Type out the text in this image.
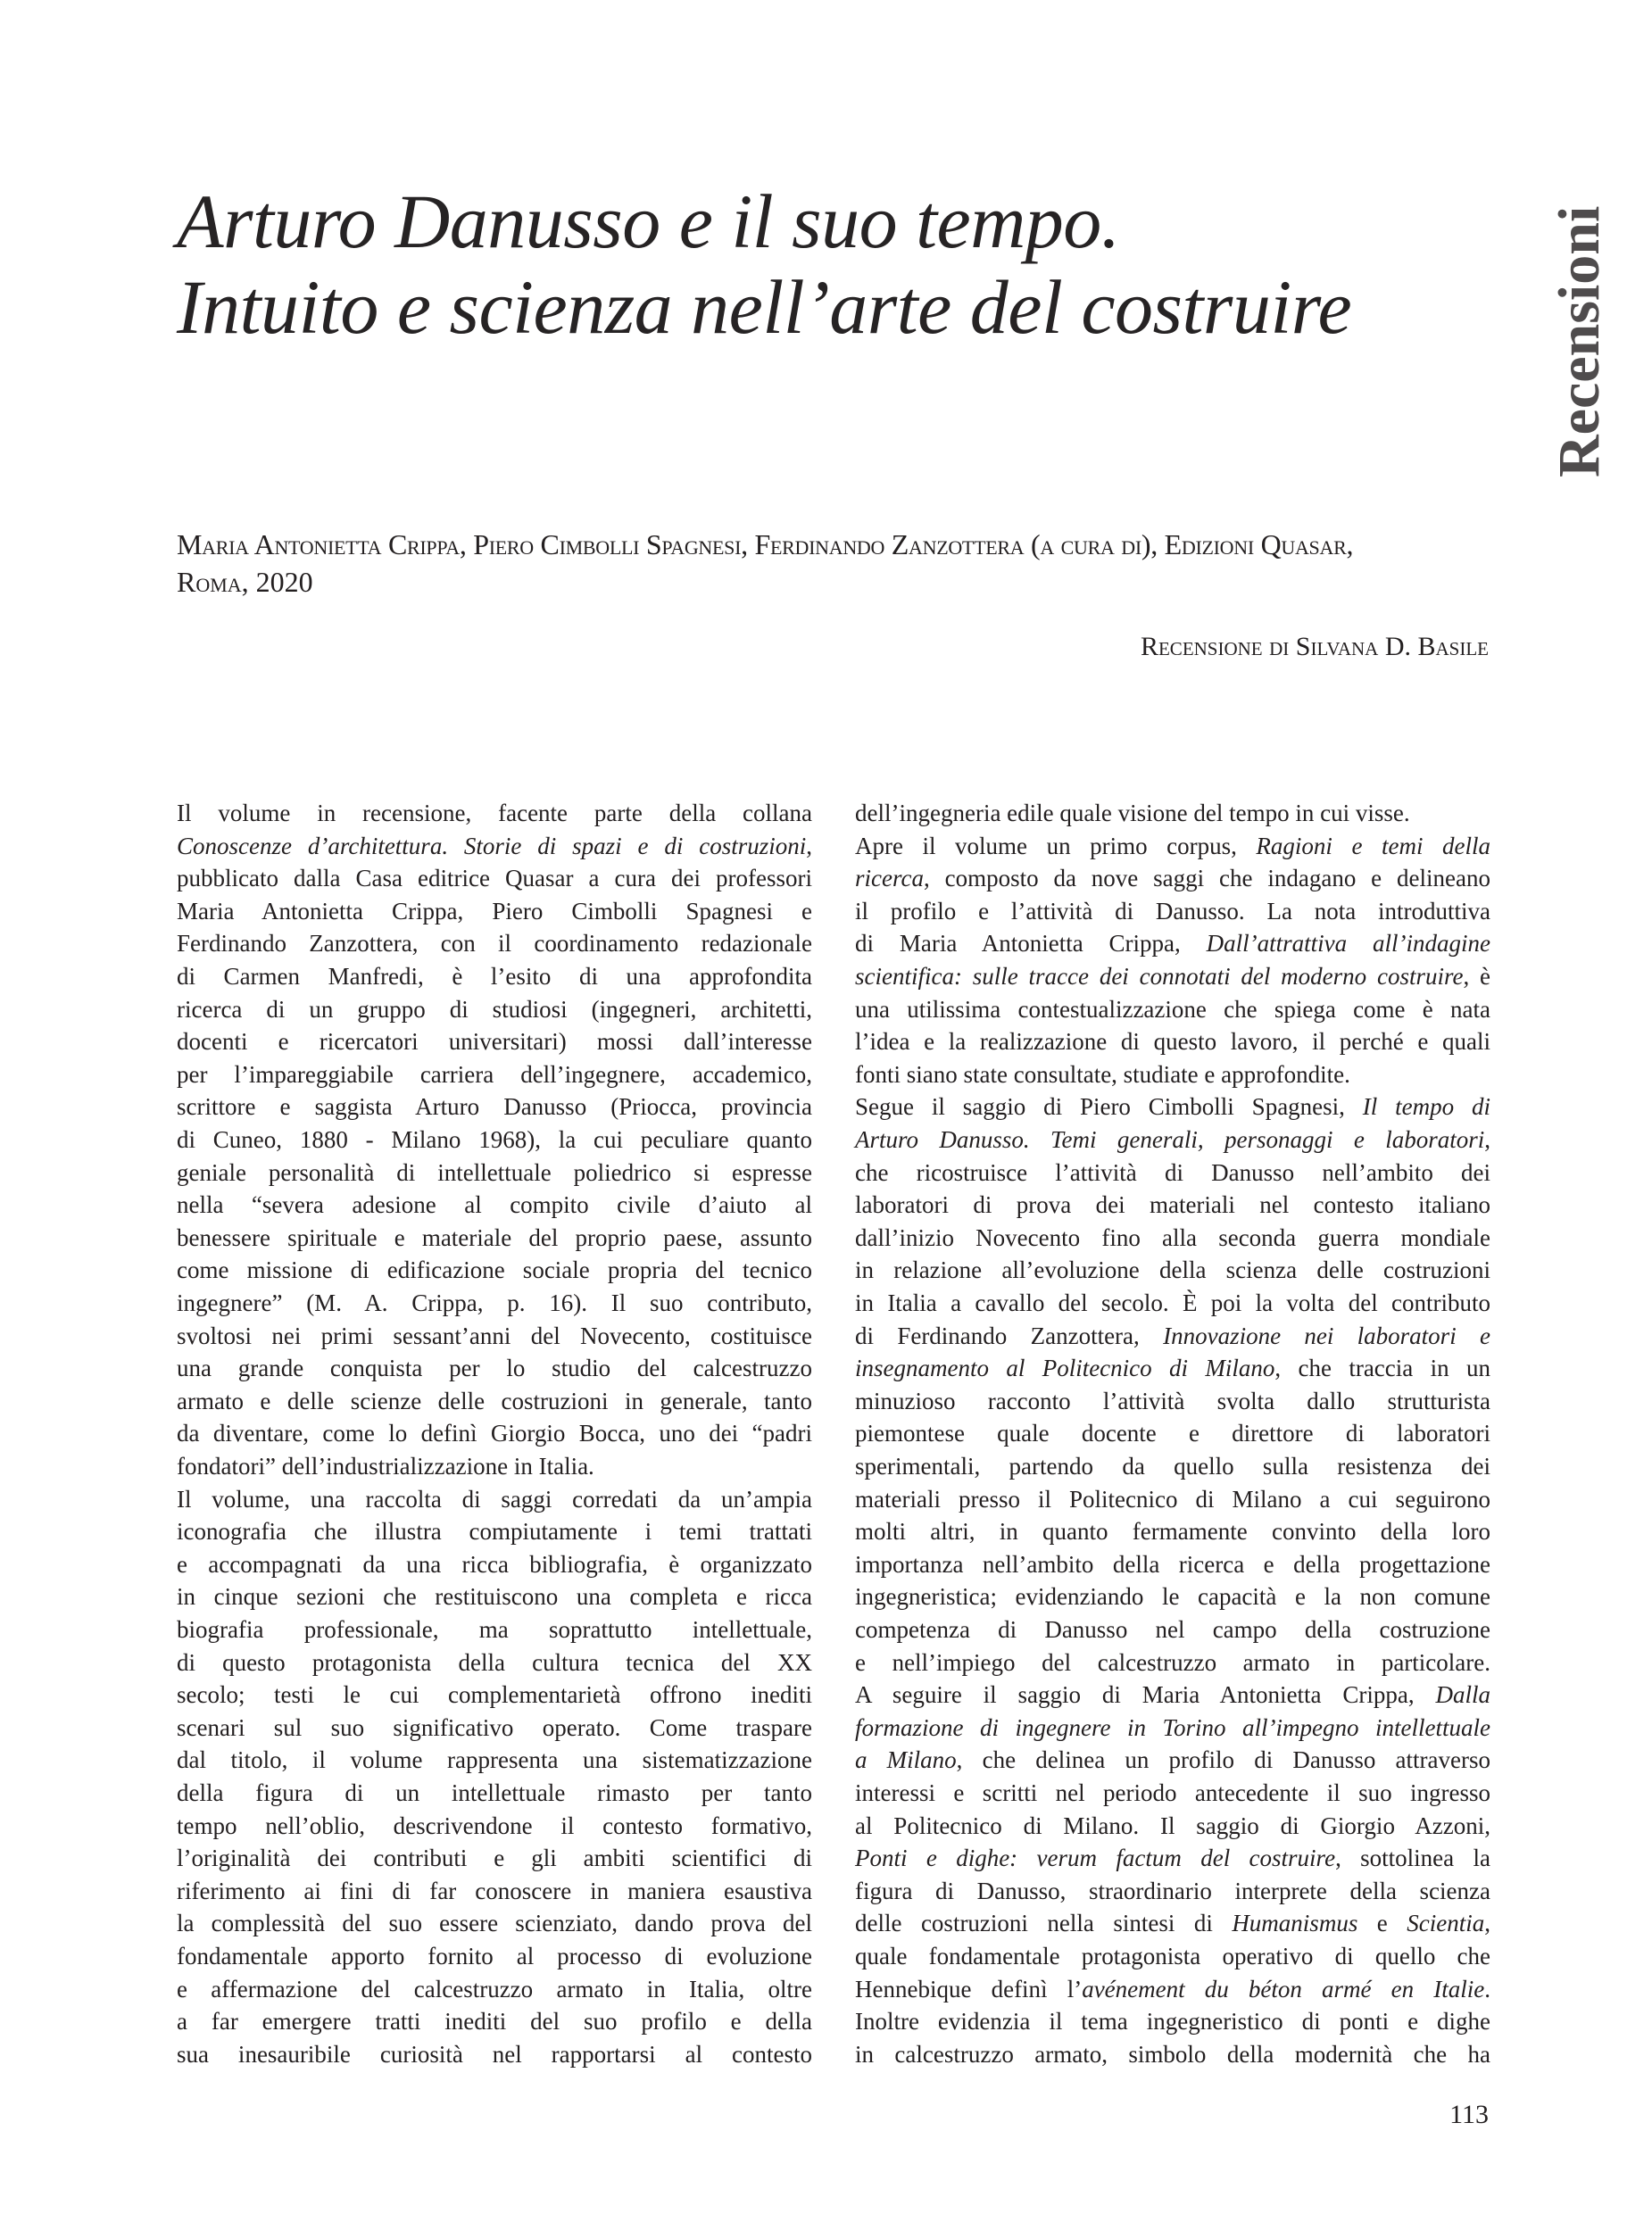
Arturo Danusso e il suo tempo.
Intuito e scienza nell’arte del costruire	Recensioni
Maria Antonietta Crippa, Piero Cimbolli Spagnesi, Ferdinando Zanzottera (a cura di), Edizioni Quasar,
Roma, 2020
Recensione di Silvana D. Basile
Il volume in recensione, facente parte della collana
Conoscenze d’architettura. Storie di spazi e di costruzioni,
pubblicato dalla Casa editrice Quasar a cura dei professori
Maria Antonietta Crippa, Piero Cimbolli Spagnesi e
Ferdinando Zanzottera, con il coordinamento redazionale
di Carmen Manfredi, è l’esito di una approfondita
ricerca di un gruppo di studiosi (ingegneri, architetti,
docenti e ricercatori universitari) mossi dall’interesse
per l’impareggiabile carriera dell’ingegnere, accademico,
scrittore e saggista Arturo Danusso (Priocca, provincia
di Cuneo, 1880 - Milano 1968), la cui peculiare quanto
geniale personalità di intellettuale poliedrico si espresse
nella “severa adesione al compito civile d’aiuto al
benessere spirituale e materiale del proprio paese, assunto
come missione di edificazione sociale propria del tecnico
ingegnere” (M. A. Crippa, p. 16). Il suo contributo,
svoltosi nei primi sessant’anni del Novecento, costituisce
una grande conquista per lo studio del calcestruzzo
armato e delle scienze delle costruzioni in generale, tanto
da diventare, come lo definì Giorgio Bocca, uno dei “padri
fondatori” dell’industrializzazione in Italia.
Il volume, una raccolta di saggi corredati da un’ampia
iconografia che illustra compiutamente i temi trattati
e accompagnati da una ricca bibliografia, è organizzato
in cinque sezioni che restituiscono una completa e ricca
biografia professionale, ma soprattutto intellettuale,
di questo protagonista della cultura tecnica del XX
secolo; testi le cui complementarietà offrono inediti
scenari sul suo significativo operato. Come traspare
dal titolo, il volume rappresenta una sistematizzazione
della figura di un intellettuale rimasto per tanto
tempo nell’oblio, descrivendone il contesto formativo,
l’originalità dei contributi e gli ambiti scientifici di
riferimento ai fini di far conoscere in maniera esaustiva
la complessità del suo essere scienziato, dando prova del
fondamentale apporto fornito al processo di evoluzione
e affermazione del calcestruzzo armato in Italia, oltre
a far emergere tratti inediti del suo profilo e della
sua inesauribile curiosità nel rapportarsi al contesto
dell’ingegneria edile quale visione del tempo in cui visse.
Apre il volume un primo corpus, Ragioni e temi della
ricerca, composto da nove saggi che indagano e delineano
il profilo e l’attività di Danusso. La nota introduttiva
di Maria Antonietta Crippa, Dall’attrattiva all’indagine
scientifica: sulle tracce dei connotati del moderno costruire, è
una utilissima contestualizzazione che spiega come è nata
l’idea e la realizzazione di questo lavoro, il perché e quali
fonti siano state consultate, studiate e approfondite.
Segue il saggio di Piero Cimbolli Spagnesi, Il tempo di
Arturo Danusso. Temi generali, personaggi e laboratori,
che ricostruisce l’attività di Danusso nell’ambito dei
laboratori di prova dei materiali nel contesto italiano
dall’inizio Novecento fino alla seconda guerra mondiale
in relazione all’evoluzione della scienza delle costruzioni
in Italia a cavallo del secolo. È poi la volta del contributo
di Ferdinando Zanzottera, Innovazione nei laboratori e
insegnamento al Politecnico di Milano, che traccia in un
minuzioso racconto l’attività svolta dallo strutturista
piemontese quale docente e direttore di laboratori
sperimentali, partendo da quello sulla resistenza dei
materiali presso il Politecnico di Milano a cui seguirono
molti altri, in quanto fermamente convinto della loro
importanza nell’ambito della ricerca e della progettazione
ingegneristica; evidenziando le capacità e la non comune
competenza di Danusso nel campo della costruzione
e nell’impiego del calcestruzzo armato in particolare.
A seguire il saggio di Maria Antonietta Crippa, Dalla
formazione di ingegnere in Torino all’impegno intellettuale
a Milano, che delinea un profilo di Danusso attraverso
interessi e scritti nel periodo antecedente il suo ingresso
al Politecnico di Milano. Il saggio di Giorgio Azzoni,
Ponti e dighe: verum factum del costruire, sottolinea la
figura di Danusso, straordinario interprete della scienza
delle costruzioni nella sintesi di Humanismus e Scientia,
quale fondamentale protagonista operativo di quello che
Hennebique definì l’avénement du béton armé en Italie.
Inoltre evidenzia il tema ingegneristico di ponti e dighe
in calcestruzzo armato, simbolo della modernità che ha
113
